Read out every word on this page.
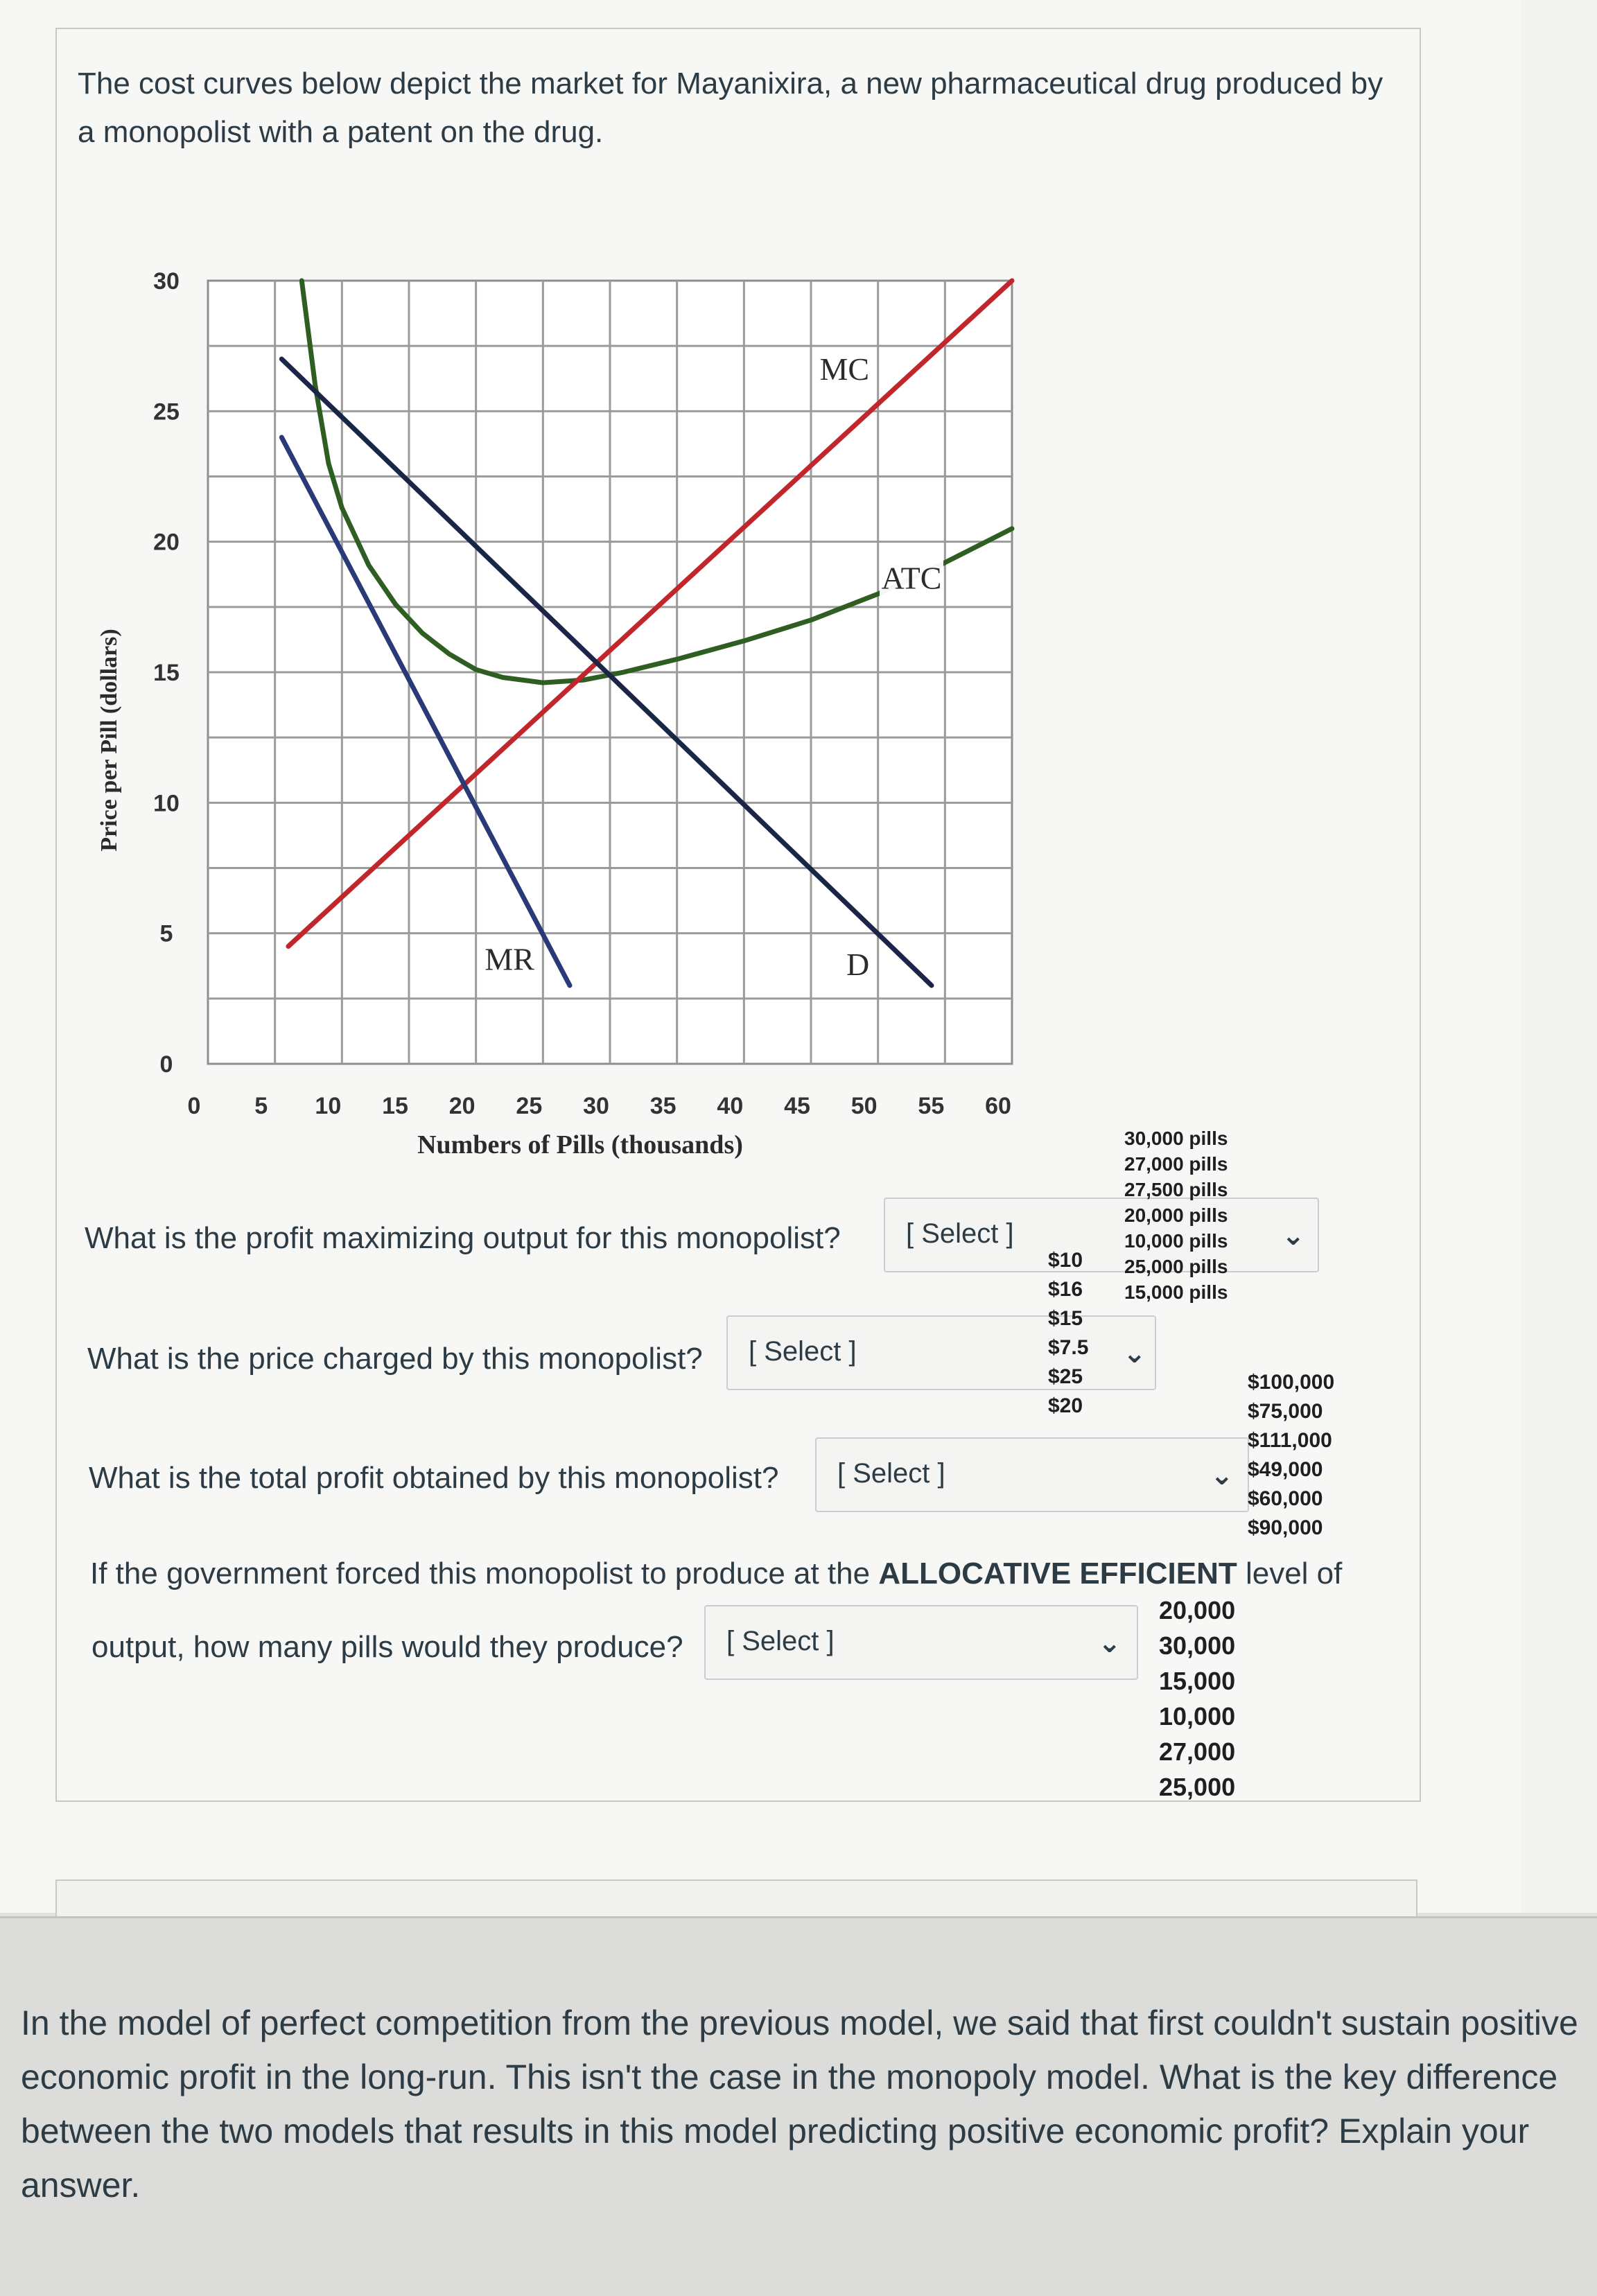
The cost curves below depict the market for Mayanixira, a new pharmaceutical drug produced by a monopolist with a patent on the drug.
0 5 10 15 20 25 30 35 40 45 50 55 60
0
5
10
15
20
25
30
Price per Pill (dollars)
Numbers of Pills (thousands)
MC
ATC
D
MR
What is the profit maximizing output for this monopolist?	[ Select ]	⌄
30,000 pills
27,000 pills
27,500 pills
20,000 pills
10,000 pills
25,000 pills
15,000 pills
What is the price charged by this monopolist?	[ Select ]	⌄
$10
$16
$15
$7.5
$25
$20
What is the total profit obtained by this monopolist?	[ Select ]	⌄
$100,000
$75,000
$111,000
$49,000
$60,000
$90,000
If the government forced this monopolist to produce at the ALLOCATIVE EFFICIENT level of
output, how many pills would they produce?	[ Select ]	⌄
20,000
30,000
15,000
10,000
27,000
25,000
In the model of perfect competition from the previous model, we said that first couldn't sustain positive economic profit in the long-run. This isn't the case in the monopoly model. What is the key difference between the two models that results in this model predicting positive economic profit? Explain your answer.
